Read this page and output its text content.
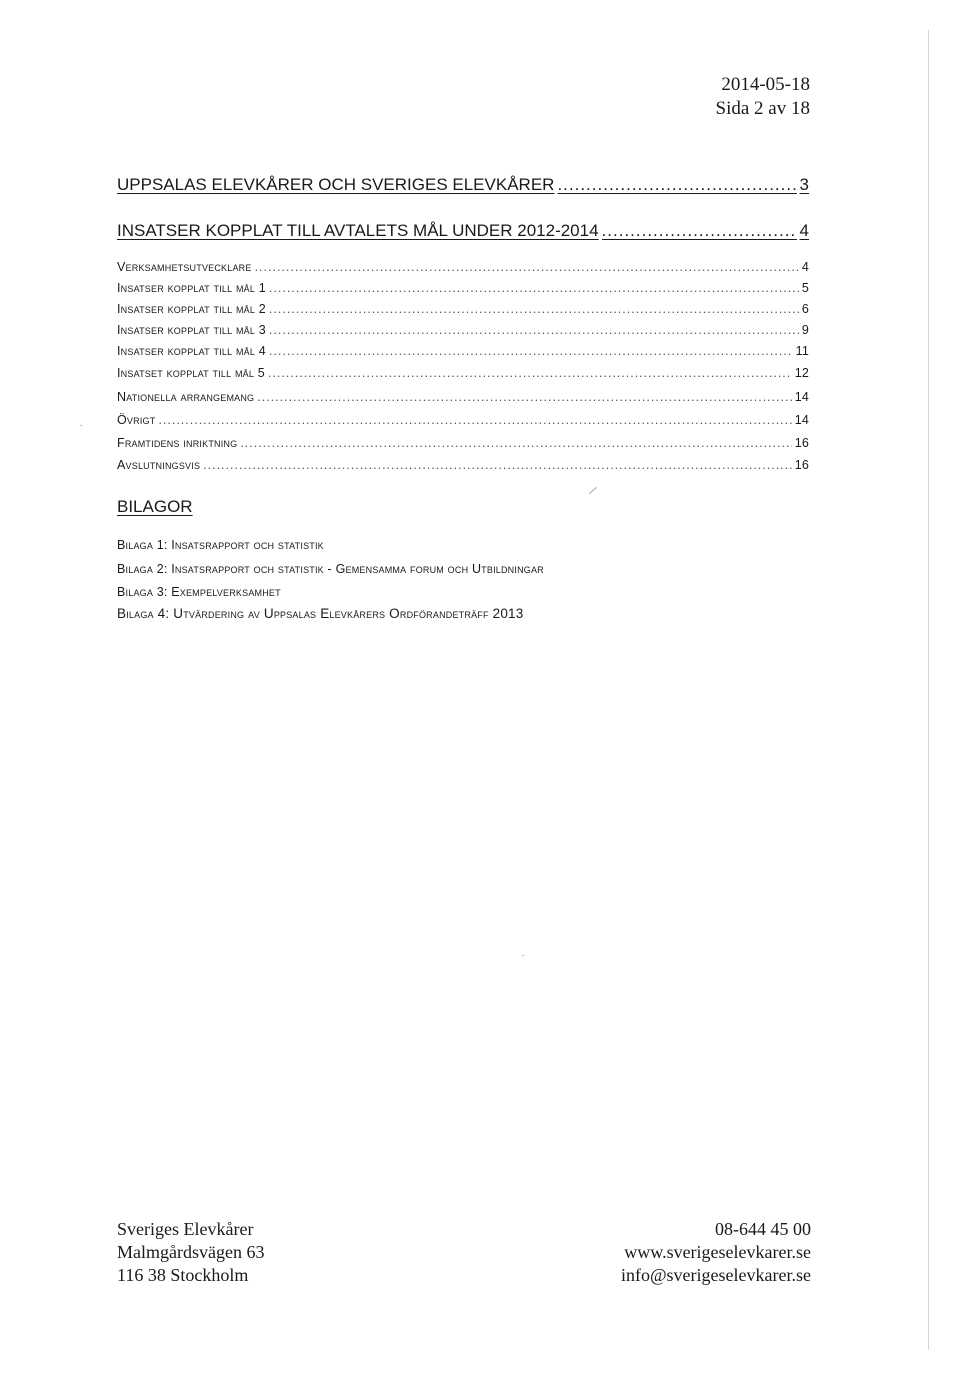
2014-05-18
Sida 2 av 18
UPPSALAS ELEVKÅRER OCH SVERIGES ELEVKÅRER .....	3
INSATSER KOPPLAT TILL AVTALETS MÅL UNDER 2012-2014 .....	4
Verksamhetsutvecklare .....	4
Insatser kopplat till mål 1 .....	5
Insatser kopplat till mål 2 .....	6
Insatser kopplat till mål 3 .....	9
Insatser kopplat till mål 4 .....	11
Insatset kopplat till mål 5 .....	12
Nationella arrangemang .....	14
Övrigt .....	14
Framtidens inriktning .....	16
Avslutningsvis .....	16
BILAGOR
Bilaga 1: Insatsrapport och statistik
Bilaga 2: Insatsrapport och statistik - Gemensamma forum och Utbildningar
Bilaga 3: Exempelverksamhet
Bilaga 4: Utvärdering av Uppsalas Elevkårers Ordförandeträff 2013
Sveriges Elevkårer
Malmgårdsvägen 63
116 38 Stockholm
08-644 45 00
www.sverigeselevkarer.se
info@sverigeselevkarer.se
